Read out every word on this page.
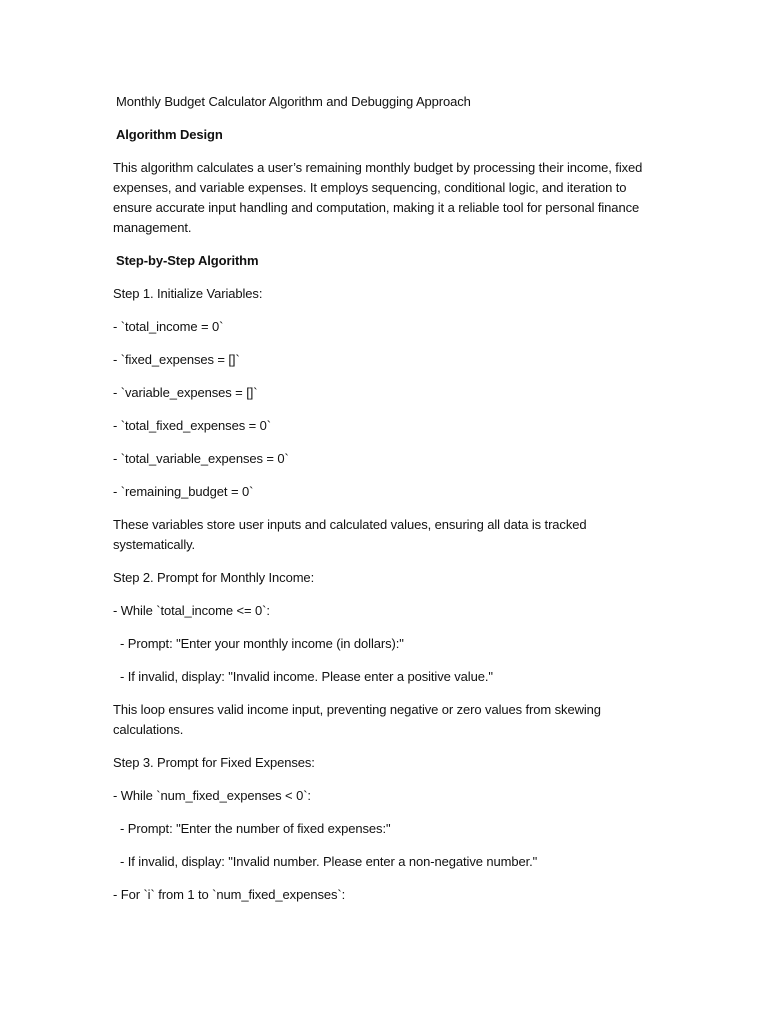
Monthly Budget Calculator Algorithm and Debugging Approach

Algorithm Design

This algorithm calculates a user’s remaining monthly budget by processing their income, fixed expenses, and variable expenses. It employs sequencing, conditional logic, and iteration to ensure accurate input handling and computation, making it a reliable tool for personal finance management.

Step-by-Step Algorithm

Step 1. Initialize Variables:

- `total_income = 0`

- `fixed_expenses = []`

- `variable_expenses = []`

- `total_fixed_expenses = 0`

- `total_variable_expenses = 0`

- `remaining_budget = 0`

These variables store user inputs and calculated values, ensuring all data is tracked systematically.

Step 2. Prompt for Monthly Income:

- While `total_income <= 0`:

- Prompt: "Enter your monthly income (in dollars):"

- If invalid, display: "Invalid income. Please enter a positive value."

This loop ensures valid income input, preventing negative or zero values from skewing calculations.

Step 3. Prompt for Fixed Expenses:

- While `num_fixed_expenses < 0`:

- Prompt: "Enter the number of fixed expenses:"

- If invalid, display: "Invalid number. Please enter a non-negative number."

- For `i` from 1 to `num_fixed_expenses`:
